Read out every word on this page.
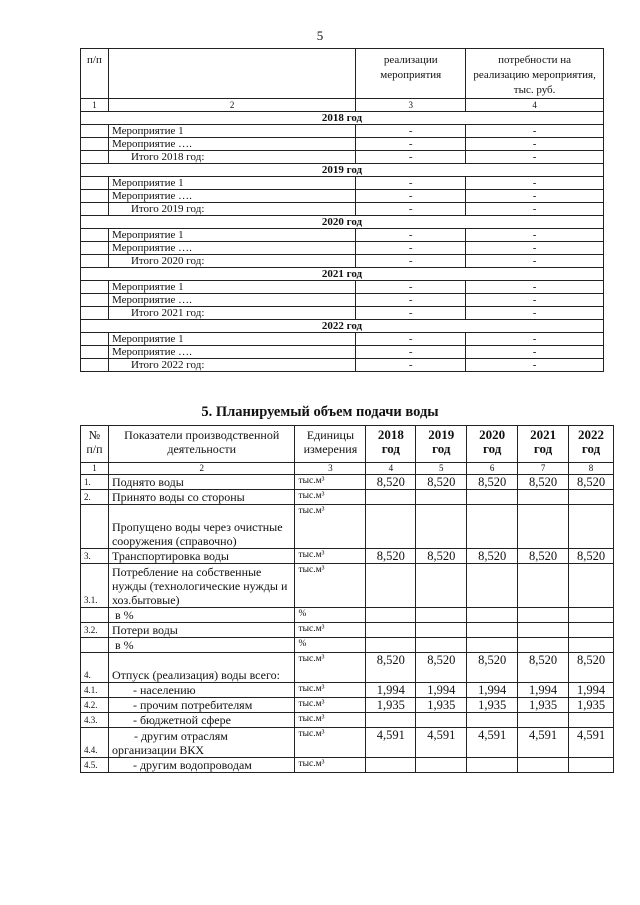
5
п/п		реализации мероприятия	потребности на реализацию мероприятия, тыс. руб.
1	2	3	4
2018 год			
	Мероприятие 1	-	-
	Мероприятие ….	-	-
	Итого 2018 год:	-	-
2019 год			
	Мероприятие 1	-	-
	Мероприятие ….	-	-
	Итого 2019 год:	-	-
2020 год			
	Мероприятие 1	-	-
	Мероприятие ….	-	-
	Итого 2020 год:	-	-
2021 год			
	Мероприятие 1	-	-
	Мероприятие ….	-	-
	Итого 2021 год:	-	-
2022 год			
	Мероприятие 1	-	-
	Мероприятие ….	-	-
	Итого 2022 год:	-	-
5. Планируемый объем подачи воды
№ п/п	Показатели производственной деятельности	Единицы измерения	2018 год	2019 год	2020 год	2021 год	2022 год
1	2	3	4	5	6	7	8
1.	Поднято воды	тыс.м³	8,520	8,520	8,520	8,520	8,520
2.	Принято воды со стороны	тыс.м³					
	Пропущено воды через очистные сооружения (справочно)	тыс.м³					
3.	Транспортировка воды	тыс.м³	8,520	8,520	8,520	8,520	8,520
3.1.	Потребление на собственные нужды (технологические нужды и хоз.бытовые)	тыс.м³					
	в %	%					
3.2.	Потери воды	тыс.м³					
	в %	%					
4.	Отпуск (реализация) воды всего:	тыс.м³	8,520	8,520	8,520	8,520	8,520
4.1.	- населению	тыс.м³	1,994	1,994	1,994	1,994	1,994
4.2.	- прочим потребителям	тыс.м³	1,935	1,935	1,935	1,935	1,935
4.3.	- бюджетной сфере	тыс.м³					
4.4.	- другим отраслям организации ВКХ	тыс.м³	4,591	4,591	4,591	4,591	4,591
4.5.	- другим водопроводам	тыс.м³					
